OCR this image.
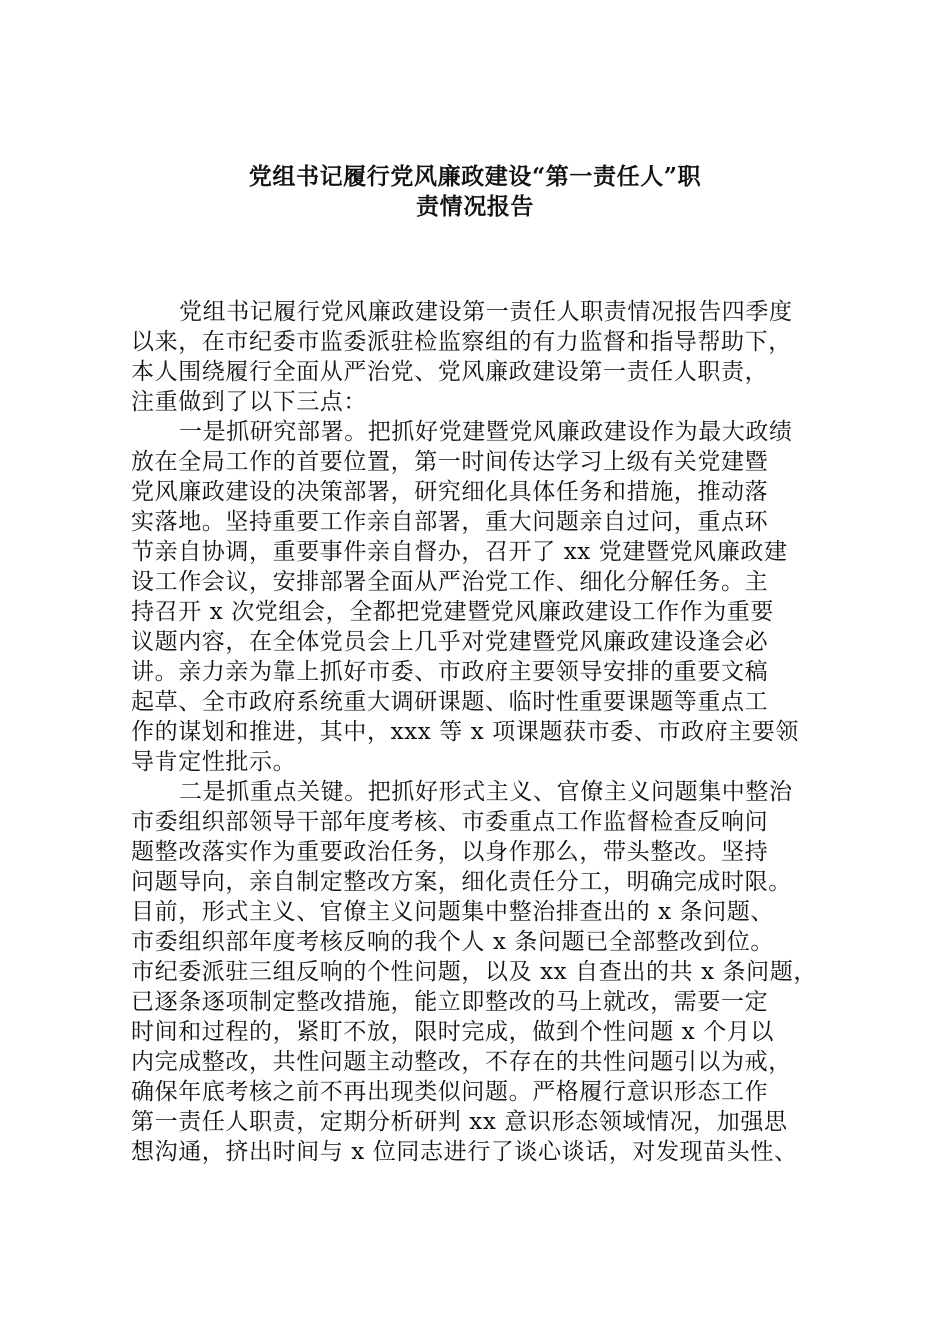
党组书记履行党风廉政建设“第一责任人”职
责情况报告

党组书记履行党风廉政建设第一责任人职责情况报告四季度
以来，在市纪委市监委派驻检监察组的有力监督和指导帮助下，
本人围绕履行全面从严治党、党风廉政建设第一责任人职责，
注重做到了以下三点：

一是抓研究部署。把抓好党建暨党风廉政建设作为最大政绩
放在全局工作的首要位置，第一时间传达学习上级有关党建暨
党风廉政建设的决策部署，研究细化具体任务和措施，推动落
实落地。坚持重要工作亲自部署，重大问题亲自过问，重点环
节亲自协调，重要事件亲自督办，召开了 xx 党建暨党风廉政建
设工作会议，安排部署全面从严治党工作、细化分解任务。主
持召开 x 次党组会，全都把党建暨党风廉政建设工作作为重要
议题内容，在全体党员会上几乎对党建暨党风廉政建设逢会必
讲。亲力亲为靠上抓好市委、市政府主要领导安排的重要文稿
起草、全市政府系统重大调研课题、临时性重要课题等重点工
作的谋划和推进，其中，xxx 等 x 项课题获市委、市政府主要领
导肯定性批示。

二是抓重点关键。把抓好形式主义、官僚主义问题集中整治
市委组织部领导干部年度考核、市委重点工作监督检查反响问
题整改落实作为重要政治任务，以身作那么，带头整改。坚持
问题导向，亲自制定整改方案，细化责任分工，明确完成时限。
目前，形式主义、官僚主义问题集中整治排查出的 x 条问题、
市委组织部年度考核反响的我个人 x 条问题已全部整改到位。
市纪委派驻三组反响的个性问题，以及 xx 自查出的共 x 条问题，
已逐条逐项制定整改措施，能立即整改的马上就改，需要一定
时间和过程的，紧盯不放，限时完成，做到个性问题 x 个月以
内完成整改，共性问题主动整改，不存在的共性问题引以为戒，
确保年底考核之前不再出现类似问题。严格履行意识形态工作
第一责任人职责，定期分析研判 xx 意识形态领域情况，加强思
想沟通，挤出时间与 x 位同志进行了谈心谈话，对发现苗头性、
